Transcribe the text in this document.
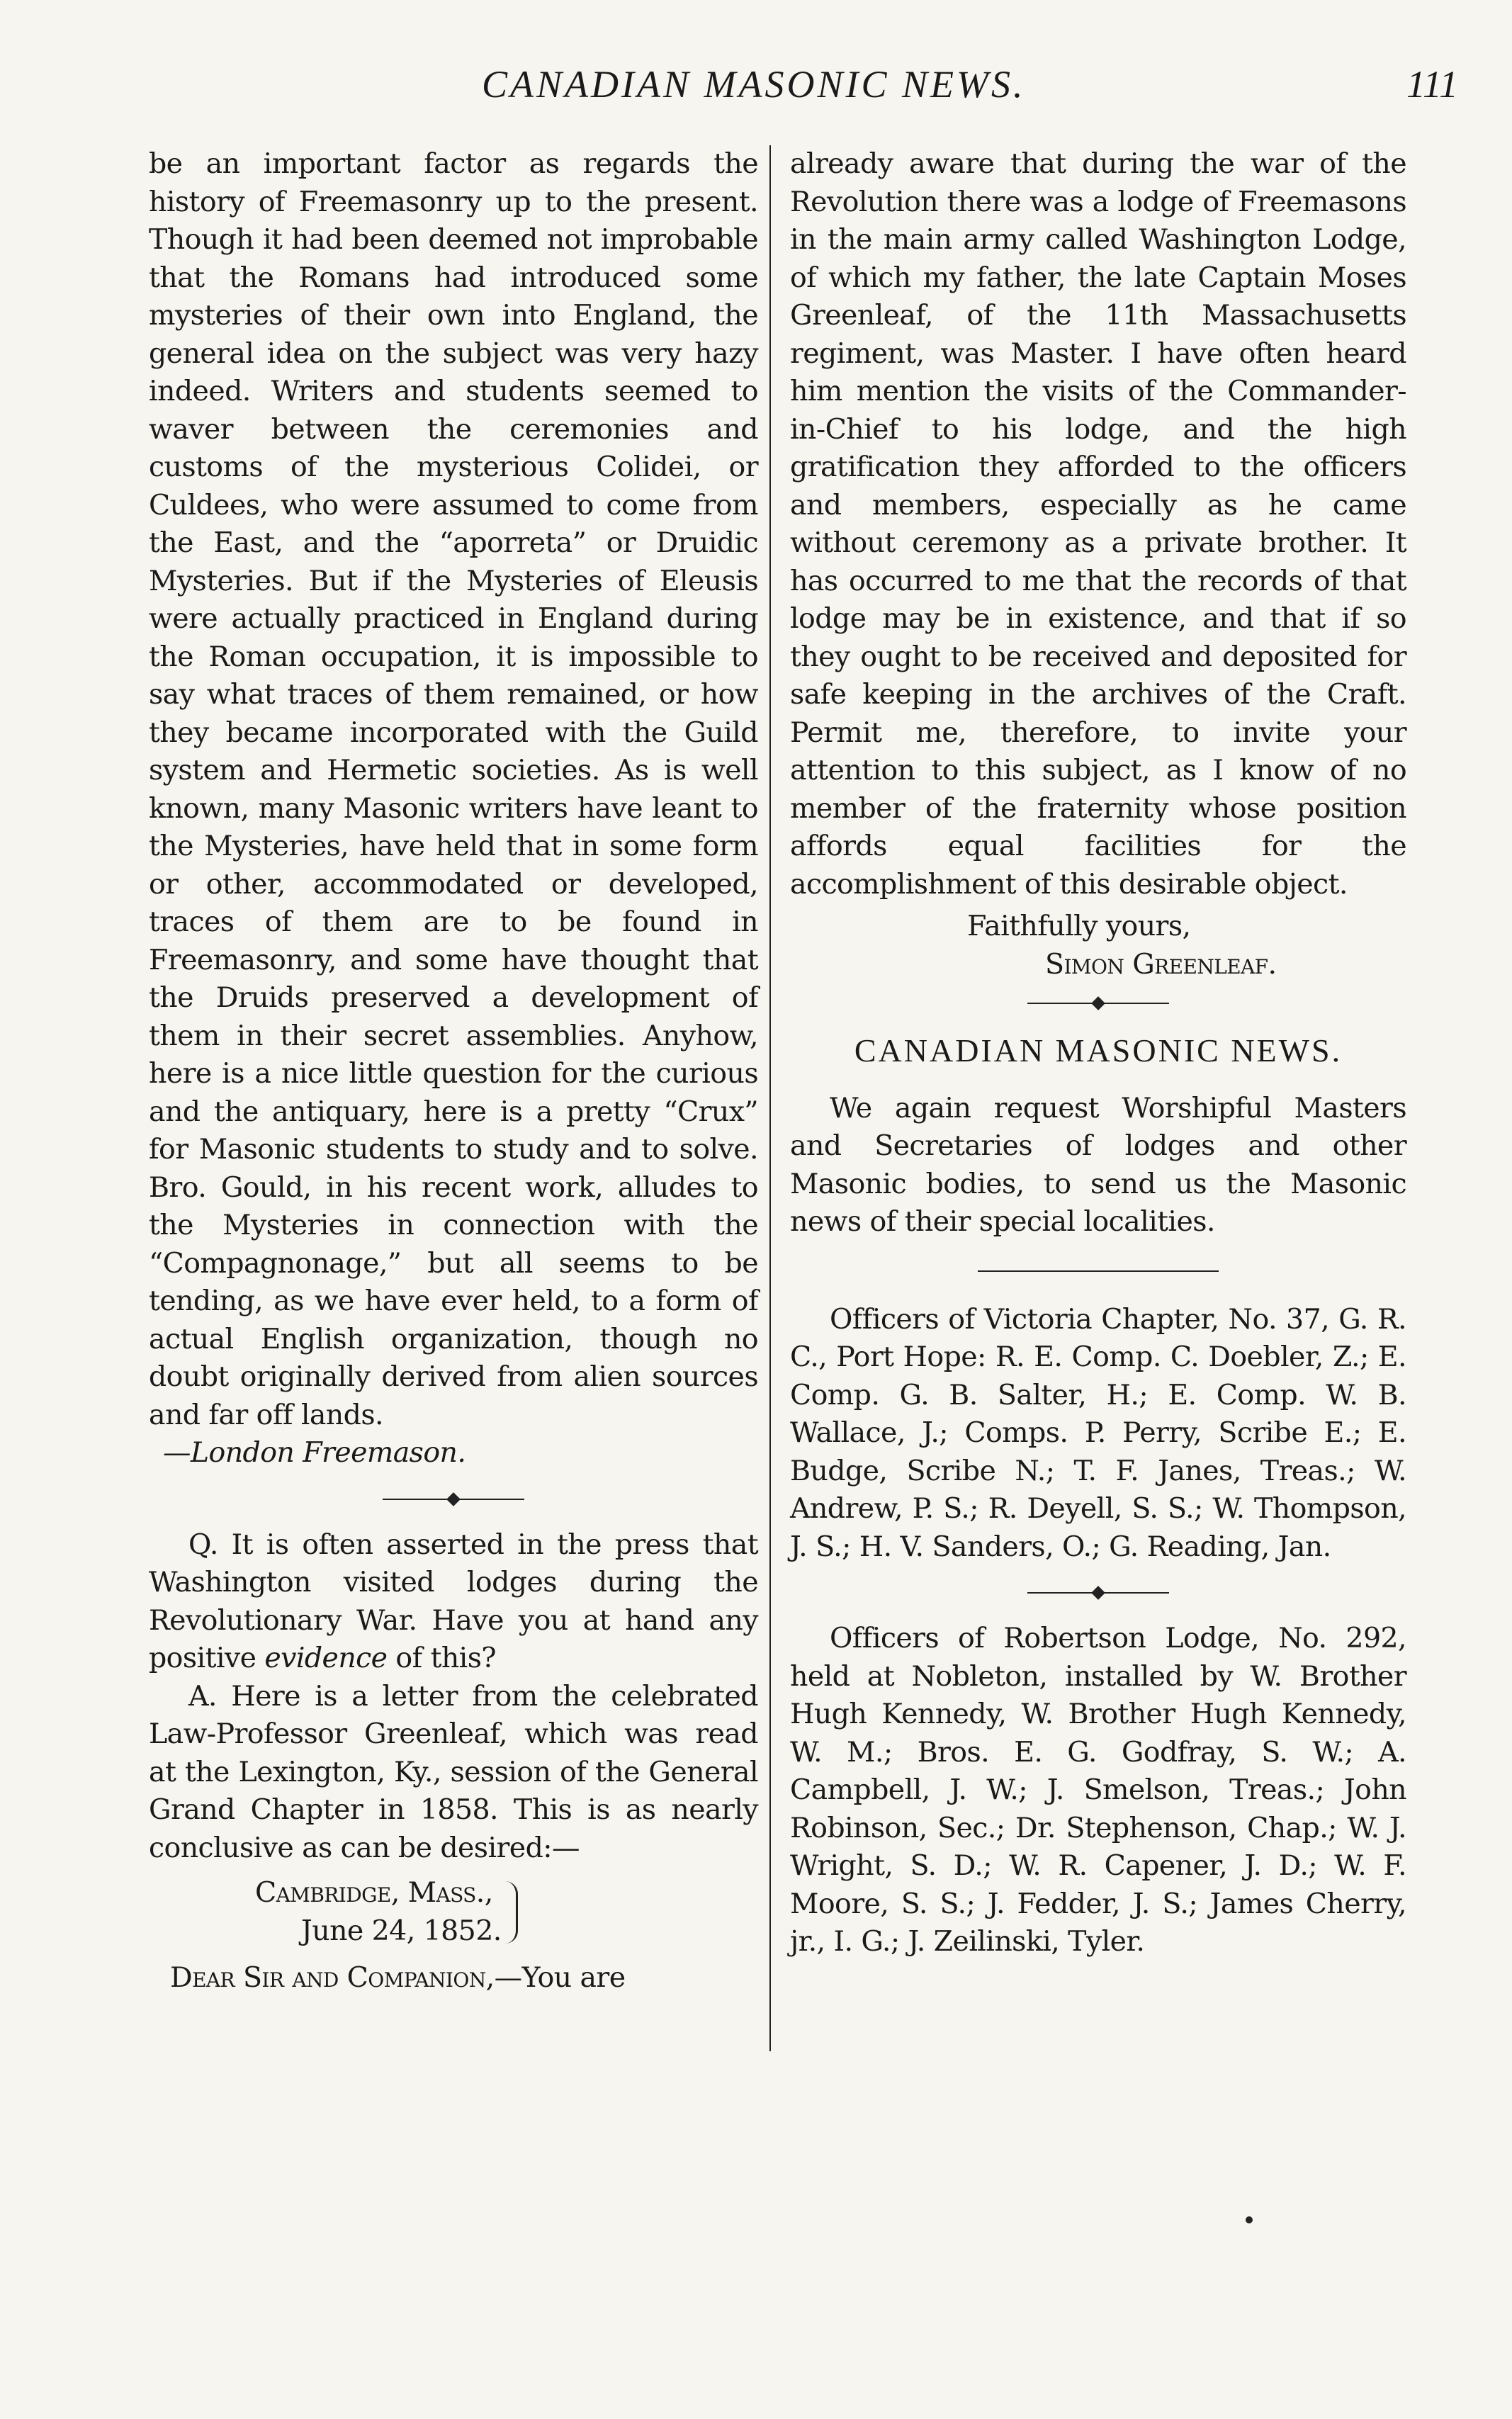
CANADIAN MASONIC NEWS.	111

be an important factor as regards the history of Freemasonry up to the present. Though it had been deemed not improbable that the Romans had introduced some mysteries of their own into England, the general idea on the subject was very hazy indeed. Writers and students seemed to waver between the ceremonies and customs of the mysterious Colidei, or Culdees, who were assumed to come from the East, and the “aporreta” or Druidic Mysteries. But if the Mysteries of Eleusis were actually practiced in England during the Roman occupation, it is impossible to say what traces of them remained, or how they became incorporated with the Guild system and Hermetic societies. As is well known, many Masonic writers have leant to the Mysteries, have held that in some form or other, accommodated or developed, traces of them are to be found in Freemasonry, and some have thought that the Druids preserved a development of them in their secret assemblies. Anyhow, here is a nice little question for the curious and the antiquary, here is a pretty “Crux” for Masonic students to study and to solve. Bro. Gould, in his recent work, alludes to the Mysteries in connection with the “Compagnonage,” but all seems to be tending, as we have ever held, to a form of actual English organization, though no doubt originally derived from alien sources and far off lands.

—London Freemason.

Q. It is often asserted in the press that Washington visited lodges during the Revolutionary War. Have you at hand any positive evidence of this?

A. Here is a letter from the celebrated Law-Professor Greenleaf, which was read at the Lexington, Ky., session of the General Grand Chapter in 1858. This is as nearly conclusive as can be desired:—

Cambridge, Mass.,
June 24, 1852.

Dear Sir and Companion,—You are

already aware that during the war of the Revolution there was a lodge of Freemasons in the main army called Washington Lodge, of which my father, the late Captain Moses Greenleaf, of the 11th Massachusetts regiment, was Master. I have often heard him mention the visits of the Commander-in-Chief to his lodge, and the high gratification they afforded to the officers and members, especially as he came without ceremony as a private brother. It has occurred to me that the records of that lodge may be in existence, and that if so they ought to be received and deposited for safe keeping in the archives of the Craft. Permit me, therefore, to invite your attention to this subject, as I know of no member of the fraternity whose position affords equal facilities for the accomplishment of this desirable object.

Faithfully yours,

Simon Greenleaf.

CANADIAN MASONIC NEWS.

We again request Worshipful Masters and Secretaries of lodges and other Masonic bodies, to send us the Masonic news of their special localities.

Officers of Victoria Chapter, No. 37, G. R. C., Port Hope: R. E. Comp. C. Doebler, Z.; E. Comp. G. B. Salter, H.; E. Comp. W. B. Wallace, J.; Comps. P. Perry, Scribe E.; E. Budge, Scribe N.; T. F. Janes, Treas.; W. Andrew, P. S.; R. Deyell, S. S.; W. Thompson, J. S.; H. V. Sanders, O.; G. Reading, Jan.

Officers of Robertson Lodge, No. 292, held at Nobleton, installed by W. Brother Hugh Kennedy, W. Brother Hugh Kennedy, W. M.; Bros. E. G. Godfray, S. W.; A. Campbell, J. W.; J. Smelson, Treas.; John Robinson, Sec.; Dr. Stephenson, Chap.; W. J. Wright, S. D.; W. R. Capener, J. D.; W. F. Moore, S. S.; J. Fedder, J. S.; James Cherry, jr., I. G.; J. Zeilinski, Tyler.
